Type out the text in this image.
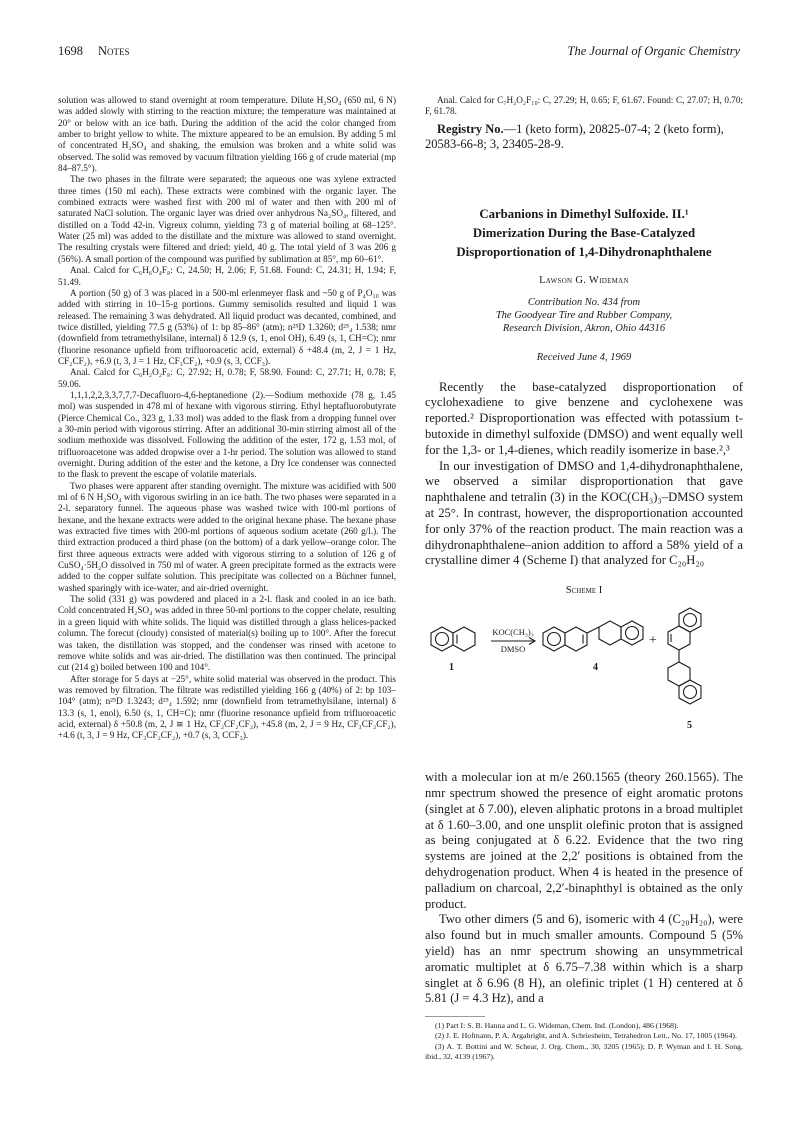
1698 Notes	The Journal of Organic Chemistry

solution was allowed to stand overnight at room temperature. Dilute H₂SO₄ (650 ml, 6 N) was added slowly with stirring to the reaction mixture; the temperature was maintained at 20° or below with an ice bath. During the addition of the acid the color changed from amber to bright yellow to white. The mixture appeared to be an emulsion. By adding 5 ml of concentrated H₂SO₄ and shaking, the emulsion was broken and a white solid was observed. The solid was removed by vacuum filtration yielding 166 g of crude material (mp 84–87.5°).

The two phases in the filtrate were separated; the aqueous one was xylene extracted three times (150 ml each). These extracts were combined with the organic layer. The combined extracts were washed first with 200 ml of water and then with 200 ml of saturated NaCl solution. The organic layer was dried over anhydrous Na₂SO₄, filtered, and distilled on a Todd 42-in. Vigreux column, yielding 73 g of material boiling at 68–125°. Water (25 ml) was added to the distillate and the mixture was allowed to stand overnight. The resulting crystals were filtered and dried: yield, 40 g. The total yield of 3 was 206 g (56%). A small portion of the compound was purified by sublimation at 85°, mp 60–61°.

Anal. Calcd for C₆H₆O₄F₈: C, 24.50; H, 2.06; F, 51.68. Found: C, 24.31; H, 1.94; F, 51.49.

A portion (50 g) of 3 was placed in a 500-ml erlenmeyer flask and ~50 g of P₄O₁₀ was added with stirring in 10–15-g portions. Gummy semisolids resulted and liquid 1 was released. The remaining 3 was dehydrated. All liquid product was decanted, combined, and twice distilled, yielding 77.5 g (53%) of 1: bp 85–86° (atm); n²⁵D 1.3260; d²⁵₄ 1.538; nmr (downfield from tetramethylsilane, internal) δ 12.9 (s, 1, enol OH), 6.49 (s, 1, CH=C); nmr (fluorine resonance upfield from trifluoroacetic acid, external) δ +48.4 (m, 2, J = 1 Hz, CF₂CF₂), +6.9 (t, 3, J = 1 Hz, CF₃CF₂), +0.9 (s, 3, CCF₃).

Anal. Calcd for C₆H₂O₂F₈: C, 27.92; H, 0.78; F, 58.90. Found: C, 27.71; H, 0.78; F, 59.06.

1,1,1,2,2,3,3,7,7,7-Decafluoro-4,6-heptanedione (2).—Sodium methoxide (78 g, 1.45 mol) was suspended in 478 ml of hexane with vigorous stirring. Ethyl heptafluorobutyrate (Pierce Chemical Co., 323 g, 1.33 mol) was added to the flask from a dropping funnel over a 30-min period with vigorous stirring. After an additional 30-min stirring almost all of the sodium methoxide was dissolved. Following the addition of the ester, 172 g, 1.53 mol, of trifluoroacetone was added dropwise over a 1-hr period. The solution was allowed to stand overnight. During addition of the ester and the ketone, a Dry Ice condenser was connected to the flask to prevent the escape of volatile materials.

Two phases were apparent after standing overnight. The mixture was acidified with 500 ml of 6 N H₂SO₄ with vigorous swirling in an ice bath. The two phases were separated in a 2-l. separatory funnel. The aqueous phase was washed twice with 100-ml portions of hexane, and the hexane extracts were added to the original hexane phase. The hexane phase was extracted five times with 200-ml portions of aqueous sodium acetate (260 g/l.). The third extraction produced a third phase (on the bottom) of a dark yellow–orange color. The first three aqueous extracts were added with vigorous stirring to a solution of 126 g of CuSO₄·5H₂O dissolved in 750 ml of water. A green precipitate formed as the extracts were added to the copper sulfate solution. This precipitate was collected on a Büchner funnel, washed sparingly with ice-water, and air-dried overnight.

The solid (331 g) was powdered and placed in a 2-l. flask and cooled in an ice bath. Cold concentrated H₂SO₄ was added in three 50-ml portions to the copper chelate, resulting in a green liquid with white solids. The liquid was distilled through a glass helices-packed column. The forecut (cloudy) consisted of material(s) boiling up to 100°. After the forecut was taken, the distillation was stopped, and the condenser was rinsed with acetone to remove white solids and was air-dried. The distillation was then continued. The principal cut (214 g) boiled between 100 and 104°.

After storage for 5 days at −25°, white solid material was observed in the product. This was removed by filtration. The filtrate was redistilled yielding 166 g (40%) of 2: bp 103–104° (atm); n²⁵D 1.3243; d²⁵₄ 1.592; nmr (downfield from tetramethylsilane, internal) δ 13.3 (s, 1, enol), 6.50 (s, 1, CH=C); nmr (fluorine resonance upfield from trifluoroacetic acid, external) δ +50.8 (m, 2, J ≅ 1 Hz, CF₂CF₂CF₂), +45.8 (m, 2, J = 9 Hz, CF₃CF₂CF₂), +4.6 (t, 3, J = 9 Hz, CF₃CF₂CF₂), +0.7 (s, 3, CCF₃).

Anal. Calcd for C₇H₂O₂F₁₀: C, 27.29; H, 0.65; F, 61.67. Found: C, 27.07; H, 0.70; F, 61.78.

Registry No.—1 (keto form), 20825-07-4; 2 (keto form), 20583-66-8; 3, 23405-28-9.

Carbanions in Dimethyl Sulfoxide. II.¹
Dimerization During the Base-Catalyzed
Disproportionation of 1,4-Dihydronaphthalene
Lawson G. Wideman
Contribution No. 434 from
The Goodyear Tire and Rubber Company,
Research Division, Akron, Ohio 44316
Received June 4, 1969

Recently the base-catalyzed disproportionation of cyclohexadiene to give benzene and cyclohexene was reported.² Disproportionation was effected with potassium t-butoxide in dimethyl sulfoxide (DMSO) and went equally well for the 1,3- or 1,4-dienes, which readily isomerize in base.²,³

In our investigation of DMSO and 1,4-dihydronaphthalene, we observed a similar disproportionation that gave naphthalene and tetralin (3) in the KOC(CH₃)₃–DMSO system at 25°. In contrast, however, the disproportionation accounted for only 37% of the reaction product. The main reaction was a dihydronaphthalene–anion addition to afford a 58% yield of a crystalline dimer 4 (Scheme I) that analyzed for C₂₀H₂₀

Scheme I
KOC(CH₃)₃
DMSO
1	4
+
5

with a molecular ion at m/e 260.1565 (theory 260.1565). The nmr spectrum showed the presence of eight aromatic protons (singlet at δ 7.00), eleven aliphatic protons in a broad multiplet at δ 1.60–3.00, and one unsplit olefinic proton that is assigned as being conjugated at δ 6.22. Evidence that the two ring systems are joined at the 2,2′ positions is obtained from the dehydrogenation product. When 4 is heated in the presence of palladium on charcoal, 2,2′-binaphthyl is obtained as the only product.

Two other dimers (5 and 6), isomeric with 4 (C₂₀H₂₀), were also found but in much smaller amounts. Compound 5 (5% yield) has an nmr spectrum showing an unsymmetrical aromatic multiplet at δ 6.75–7.38 within which is a sharp singlet at δ 6.96 (8 H), an olefinic triplet (1 H) centered at δ 5.81 (J = 4.3 Hz), and a

(1) Part I: S. B. Hanna and L. G. Wideman, Chem. Ind. (London), 486 (1968).

(2) J. E. Hofmann, P. A. Argabright, and A. Schriesheim, Tetrahedron Lett., No. 17, 1005 (1964).

(3) A. T. Bottini and W. Schear, J. Org. Chem., 30, 3205 (1965); D. P. Wyman and I. H. Song, ibid., 32, 4139 (1967).
